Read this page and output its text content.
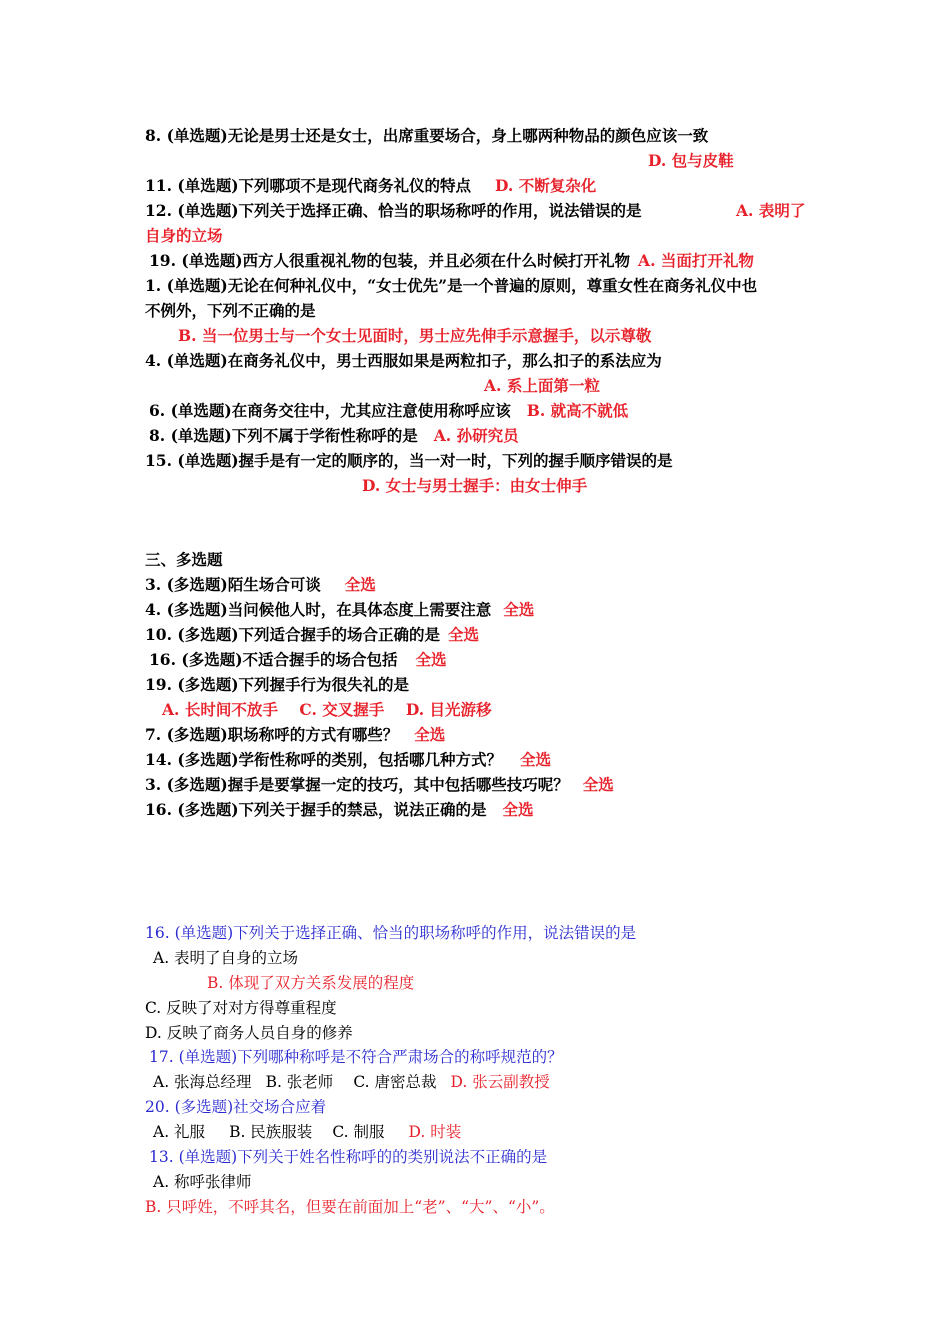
8. (单选题)无论是男士还是女士，出席重要场合，身上哪两种物品的颜色应该一致
D. 包与皮鞋
11. (单选题)下列哪项不是现代商务礼仪的特点 D. 不断复杂化
12. (单选题)下列关于选择正确、恰当的职场称呼的作用，说法错误的是	A. 表明了
自身的立场
19. (单选题)西方人很重视礼物的包装，并且必须在什么时候打开礼物 A. 当面打开礼物
1. (单选题)无论在何种礼仪中，“女士优先”是一个普遍的原则，尊重女性在商务礼仪中也
不例外，下列不正确的是
B. 当一位男士与一个女士见面时，男士应先伸手示意握手，以示尊敬
4. (单选题)在商务礼仪中，男士西服如果是两粒扣子，那么扣子的系法应为
A. 系上面第一粒
6. (单选题)在商务交往中，尤其应注意使用称呼应该 B. 就高不就低
8. (单选题)下列不属于学衔性称呼的是 A. 孙研究员
15. (单选题)握手是有一定的顺序的，当一对一时，下列的握手顺序错误的是
D. 女士与男士握手：由女士伸手
三、多选题
3. (多选题)陌生场合可谈 全选
4. (多选题)当问候他人时，在具体态度上需要注意 全选
10. (多选题)下列适合握手的场合正确的是 全选
16. (多选题)不适合握手的场合包括 全选
19. (多选题)下列握手行为很失礼的是
A. 长时间不放手    C. 交叉握手    D. 目光游移
7. (多选题)职场称呼的方式有哪些？ 全选
14. (多选题)学衔性称呼的类别，包括哪几种方式？ 全选
3. (多选题)握手是要掌握一定的技巧，其中包括哪些技巧呢？ 全选
16. (多选题)下列关于握手的禁忌，说法正确的是 全选
16. (单选题)下列关于选择正确、恰当的职场称呼的作用，说法错误的是
A. 表明了自身的立场
B. 体现了双方关系发展的程度
C. 反映了对对方得尊重程度
D. 反映了商务人员自身的修养
17. (单选题)下列哪种称呼是不符合严肃场合的称呼规范的？
A. 张海总经理 B. 张老师 C. 唐密总裁 D. 张云副教授
20. (多选题)社交场合应着
A. 礼服 B. 民族服装 C. 制服 D. 时装
13. (单选题)下列关于姓名性称呼的的类别说法不正确的是
A. 称呼张律师
B. 只呼姓，不呼其名，但要在前面加上“老”、“大”、“小”。
